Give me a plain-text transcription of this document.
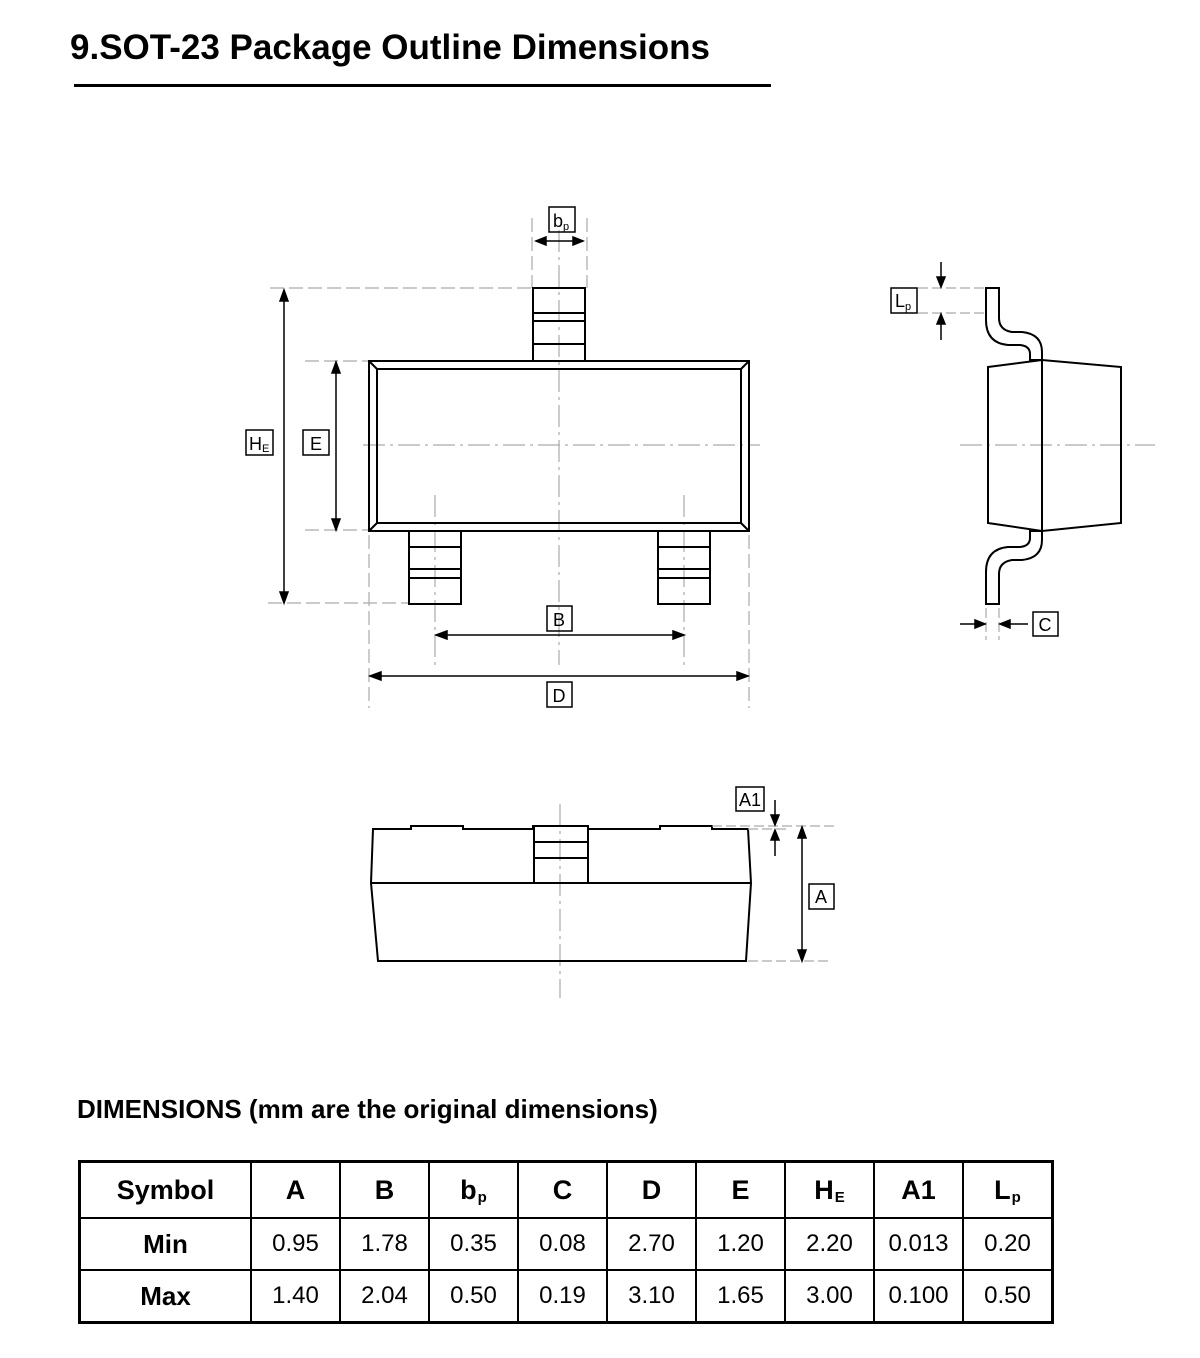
9.SOT-23 Package Outline Dimensions
bp
HE E
B
D
Lp
C
A1
A
DIMENSIONS (mm are the original dimensions)
Symbol	A	B	$b_p$	C	D	E	$H_E$	A1	$L_p$
Min	0.95	1.78	0.35	0.08	2.70	1.20	2.20	0.013	0.20
Max	1.40	2.04	0.50	0.19	3.10	1.65	3.00	0.100	0.50
